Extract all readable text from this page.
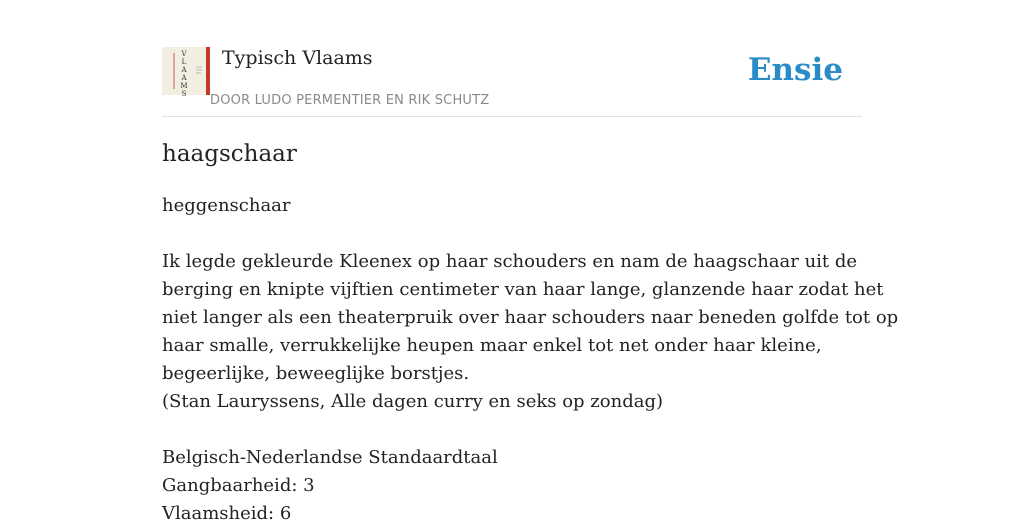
V
L
A
A
M
S
Typisch Vlaams
DOOR LUDO PERMENTIER EN RIK SCHUTZ
Ensie
haagschaar

heggenschaar

Ik legde gekleurde Kleenex op haar schouders en nam de haagschaar uit de

berging en knipte vijftien centimeter van haar lange, glanzende haar zodat het

niet langer als een theaterpruik over haar schouders naar beneden golfde tot op

haar smalle, verrukkelijke heupen maar enkel tot net onder haar kleine,

begeerlijke, beweeglijke borstjes.

(Stan Lauryssens, Alle dagen curry en seks op zondag)

Belgisch-Nederlandse Standaardtaal

Gangbaarheid: 3

Vlaamsheid: 6
